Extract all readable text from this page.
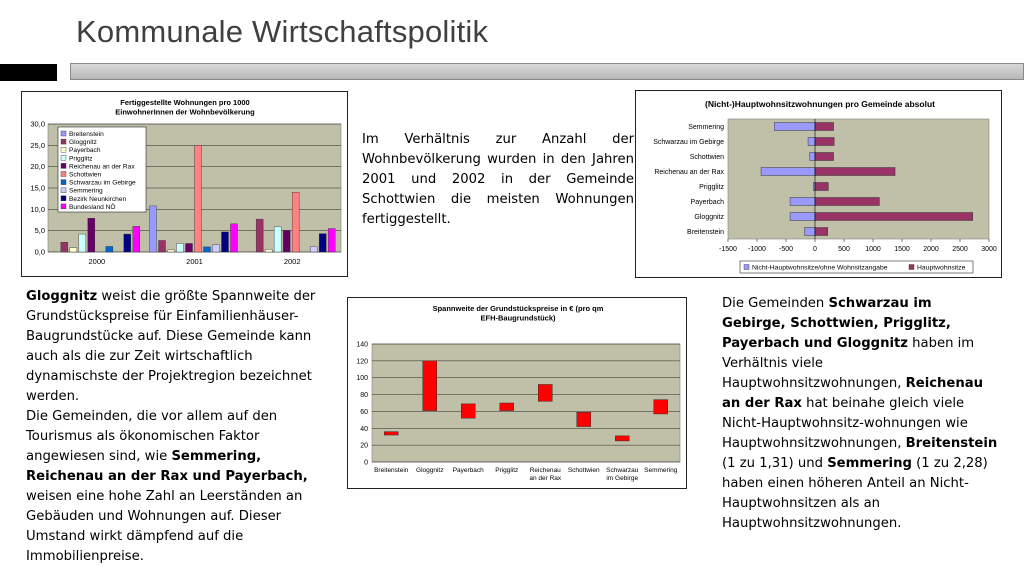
Kommunale Wirtschaftspolitik
Fertiggestellte Wohnungen pro 1000
EinwohnerInnen der Wohnbevölkerung
0,0
5,0
10,0
15,0
20,0
25,0
30,0
2000	2001	2002
Breitenstein
Gloggnitz
Payerbach
Prigglitz
Reichenau an der Rax
Schottwien
Schwarzau im Gebirge
Semmering
Bezirk Neunkirchen
Bundesland NÖ
(Nicht-)Hauptwohnsitzwohnungen pro Gemeinde absolut
-1500 -1000 -500	0	500 1000 1500 2000 2500 3000
Semmering
Schwarzau im Gebirge
Schottwien
Reichenau an der Rax
Prigglitz
Payerbach
Gloggnitz
Breitenstein
Nicht-Hauptwohnsitze/ohne Wohnsitzangabe	Hauptwohnsitze
Spannweite der Grundstückspreise in € (pro qm
EFH-Baugrundstück)
0
20
40
60
80
100
120
140
Breitenstein Gloggnitz Payerbach Prigglitz Reichenau
an der Rax
Schottwien Schwarzau
im Gebirge
Semmering
Im Verhältnis zur Anzahl der Wohnbevölkerung wurden in den Jahren 2001 und 2002 in der Gemeinde Schottwien die meisten Wohnungen fertiggestellt.
Gloggnitz weist die größte Spannweite der Grundstückspreise für Einfamilienhäuser-Baugrundstücke auf. Diese Gemeinde kann auch als die zur Zeit wirtschaftlich dynamischste der Projektregion bezeichnet werden.
Die Gemeinden, die vor allem auf den Tourismus als ökonomischen Faktor angewiesen sind, wie Semmering, Reichenau an der Rax und Payerbach, weisen eine hohe Zahl an Leerständen an Gebäuden und Wohnungen auf. Dieser Umstand wirkt dämpfend auf die Immobilienpreise.
Die Gemeinden Schwarzau im Gebirge, Schottwien, Prigglitz, Payerbach und Gloggnitz haben im Verhältnis viele Hauptwohnsitzwohnungen, Reichenau an der Rax hat beinahe gleich viele Nicht-Hauptwohnsitz-wohnungen wie Hauptwohnsitzwohnungen, Breitenstein (1 zu 1,31) und Semmering (1 zu 2,28) haben einen höheren Anteil an Nicht-Hauptwohnsitzen als an Hauptwohnsitzwohnungen.
